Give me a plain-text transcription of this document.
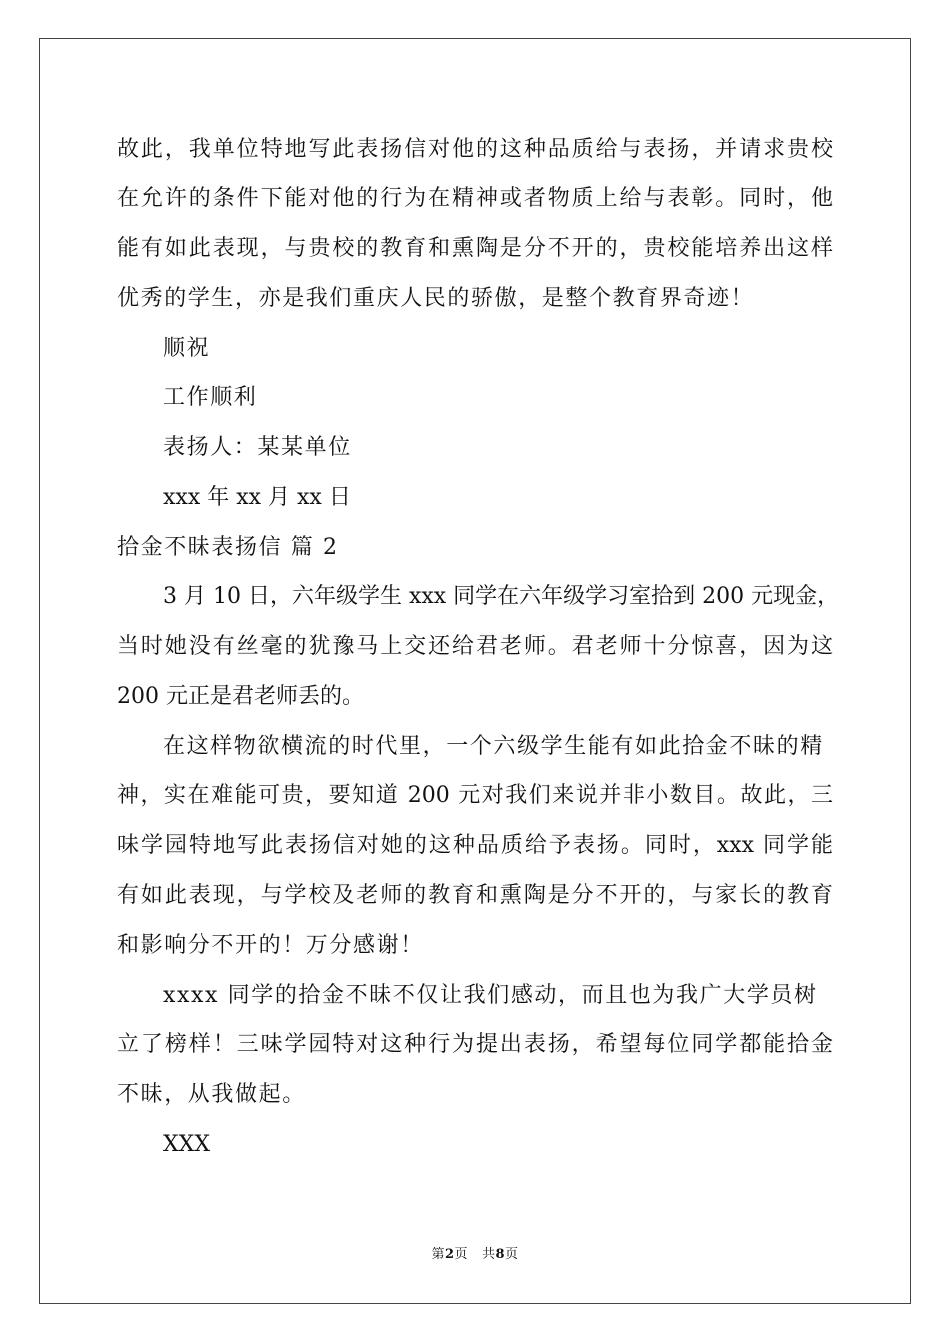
故此，我单位特地写此表扬信对他的这种品质给与表扬，并请求贵校
在允许的条件下能对他的行为在精神或者物质上给与表彰。同时，他
能有如此表现，与贵校的教育和熏陶是分不开的，贵校能培养出这样
优秀的学生，亦是我们重庆人民的骄傲，是整个教育界奇迹！
顺祝
工作顺利
表扬人：某某单位
xxx 年 xx 月 xx 日
拾金不昧表扬信 篇 2
3 月 10 日，六年级学生 xxx 同学在六年级学习室拾到 200 元现金，
当时她没有丝毫的犹豫马上交还给君老师。君老师十分惊喜，因为这
200 元正是君老师丢的。
在这样物欲横流的时代里，一个六级学生能有如此拾金不昧的精
神，实在难能可贵，要知道 200 元对我们来说并非小数目。故此，三
味学园特地写此表扬信对她的这种品质给予表扬。同时，xxx 同学能
有如此表现，与学校及老师的教育和熏陶是分不开的，与家长的教育
和影响分不开的！万分感谢！
xxxx 同学的拾金不昧不仅让我们感动，而且也为我广大学员树
立了榜样！三味学园特对这种行为提出表扬，希望每位同学都能拾金
不昧，从我做起。
XXX
第2页 共8页
